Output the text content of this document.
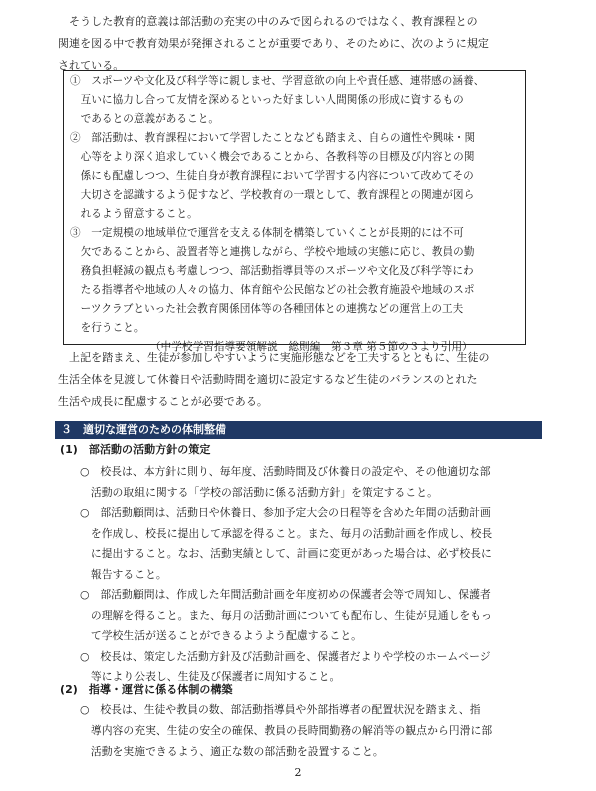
　そうした教育的意義は部活動の充実の中のみで図られるのではなく、教育課程との
関連を図る中で教育効果が発揮されることが重要であり、そのために、次のように規定
されている。
①　スポーツや文化及び科学等に親しませ、学習意欲の向上や責任感、連帯感の涵養、
　互いに協力し合って友情を深めるといった好ましい人間関係の形成に資するもの
　であるとの意義があること。
②　部活動は、教育課程において学習したことなども踏まえ、自らの適性や興味・関
　心等をより深く追求していく機会であることから、各教科等の目標及び内容との関
　係にも配慮しつつ、生徒自身が教育課程において学習する内容について改めてその
　大切さを認識するよう促すなど、学校教育の一環として、教育課程との関連が図ら
　れるよう留意すること。
③　一定規模の地域単位で運営を支える体制を構築していくことが長期的には不可
　欠であることから、設置者等と連携しながら、学校や地域の実態に応じ、教員の勤
　務負担軽減の観点も考慮しつつ、部活動指導員等のスポーツや文化及び科学等にわ
　たる指導者や地域の人々の協力、体育館や公民館などの社会教育施設や地域のスポ
　ーツクラブといった社会教育関係団体等の各種団体との連携などの運営上の工夫
　を行うこと。
（中学校学習指導要領解説　総則編　第３章 第５節の３より引用）
　上記を踏まえ、生徒が参加しやすいように実施形態などを工夫するとともに、生徒の
生活全体を見渡して休養日や活動時間を適切に設定するなど生徒のバランスのとれた
生活や成長に配慮することが必要である。
３　適切な運営のための体制整備
(1)　部活動の活動方針の策定
○　校長は、本方針に則り、毎年度、活動時間及び休養日の設定や、その他適切な部
　活動の取組に関する「学校の部活動に係る活動方針」を策定すること。
○　部活動顧問は、活動日や休養日、参加予定大会の日程等を含めた年間の活動計画
　を作成し、校長に提出して承認を得ること。また、毎月の活動計画を作成し、校長
　に提出すること。なお、活動実績として、計画に変更があった場合は、必ず校長に
　報告すること。
○　部活動顧問は、作成した年間活動計画を年度初めの保護者会等で周知し、保護者
　の理解を得ること。また、毎月の活動計画についても配布し、生徒が見通しをもっ
　て学校生活が送ることができるようよう配慮すること。
○　校長は、策定した活動方針及び活動計画を、保護者だよりや学校のホームページ
　等により公表し、生徒及び保護者に周知すること。
(2)　指導・運営に係る体制の構築
○　校長は、生徒や教員の数、部活動指導員や外部指導者の配置状況を踏まえ、指
　導内容の充実、生徒の安全の確保、教員の長時間勤務の解消等の観点から円滑に部
　活動を実施できるよう、適正な数の部活動を設置すること。
2
